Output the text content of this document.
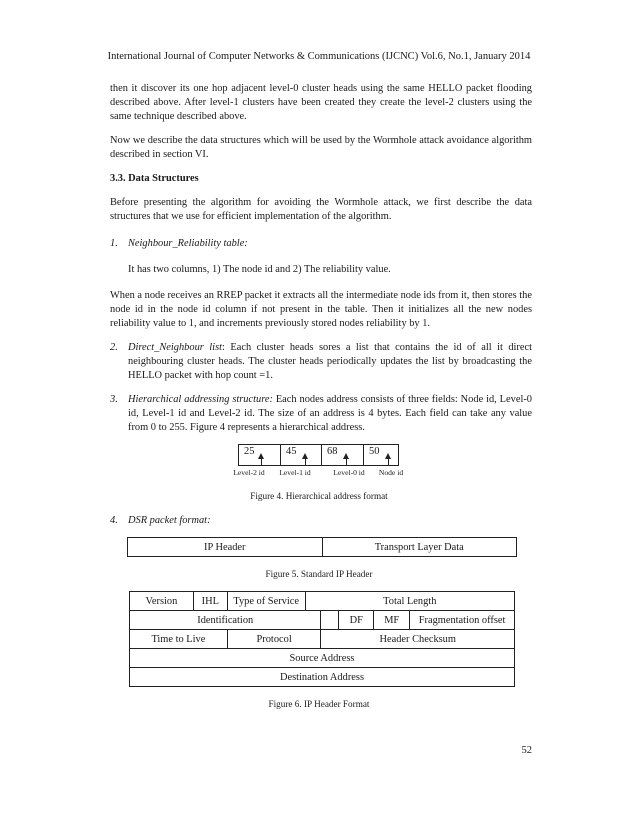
International Journal of Computer Networks & Communications (IJCNC) Vol.6, No.1, January 2014

then it discover its one hop adjacent level-0 cluster heads using the same HELLO packet flooding described above. After level-1 clusters have been created they create the level-2 clusters using the same technique described above.

Now we describe the data structures which will be used by the Wormhole attack avoidance algorithm described in section VI.

3.3. Data Structures

Before presenting the algorithm for avoiding the Wormhole attack, we first describe the data structures that we use for efficient implementation of the algorithm.

1. Neighbour_Reliability table:

It has two columns, 1) The node id and 2) The reliability value.

When a node receives an RREP packet it extracts all the intermediate node ids from it, then stores the node id in the node id column if not present in the table. Then it initializes all the new nodes reliability value to 1, and increments previously stored nodes reliability by 1.

2. Direct_Neighbour list: Each cluster heads sores a list that contains the id of all it direct neighbouring cluster heads. The cluster heads periodically updates the list by broadcasting the HELLO packet with hop count =1.

3. Hierarchical addressing structure: Each nodes address consists of three fields: Node id, Level-0 id, Level-1 id and Level-2 id. The size of an address is 4 bytes. Each field can take any value from 0 to 255. Figure 4 represents a hierarchical address.

25	45	68	50
Level-2 id	Level-1 id	Level-0 id	Node id
Figure 4. Hierarchical address format
4. DSR packet format:
IP Header	Transport Layer Data
Figure 5. Standard IP Header
Version	IHL	Type of Service	Total Length				
Identification					DF	MF	Fragmentation offset
Time to Live		Protocol		Header Checksum			
Source Address							
Destination Address							
Figure 6. IP Header Format
52
